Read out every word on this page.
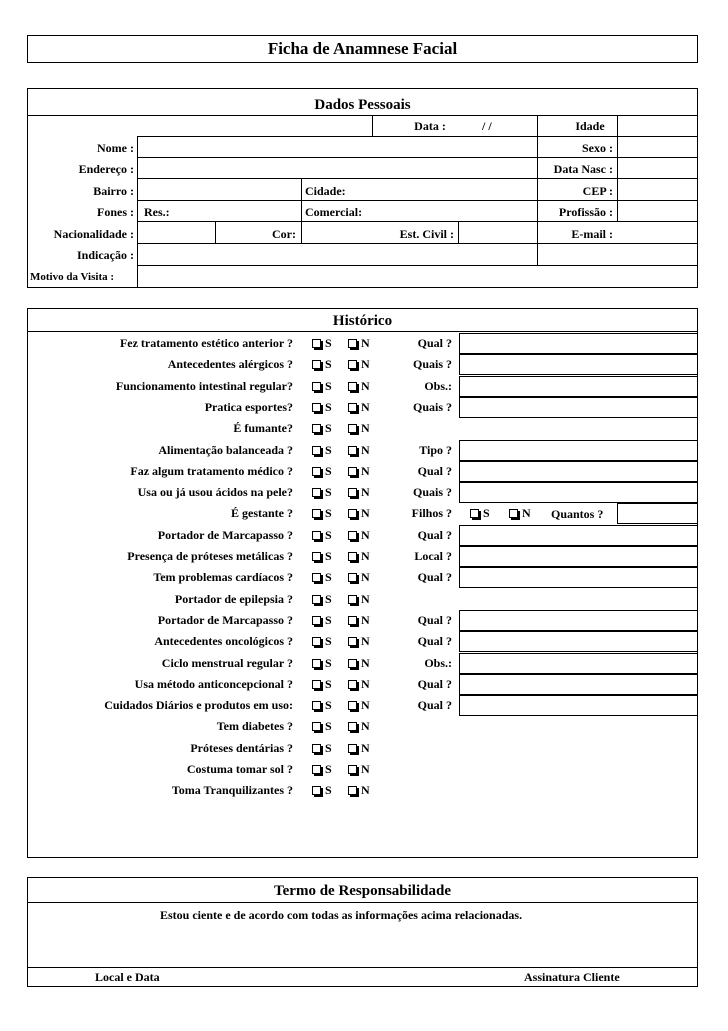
Ficha de Anamnese Facial
Dados Pessoais
Data :	/ /	Idade
Nome :	Sexo :
Endereço :	Data Nasc :
Bairro :	Cidade:	CEP :
Fones : Res.:	Comercial:	Profissão :
Nacionalidade :	Cor:	Est. Civil :	E-mail :
Indicação :
Motivo da Visita :
Histórico
Fez tratamento estético anterior ?	S	N	Qual ?
Antecedentes alérgicos ?	S	N	Quais ?
Funcionamento intestinal regular?	S	N	Obs.:
Pratica esportes?	S	N	Quais ?
É fumante?	S	N
Alimentação balanceada ?	S	N	Tipo ?
Faz algum tratamento médico ?	S	N	Qual ?
Usa ou já usou ácidos na pele?	S	N	Quais ?
É gestante ?	S	N	Filhos ?	S	N Quantos ?
Portador de Marcapasso ?	S	N	Qual ?
Presença de próteses metálicas ?	S	N	Local ?
Tem problemas cardíacos ?	S	N	Qual ?
Portador de epilepsia ?	S	N
Portador de Marcapasso ?	S	N	Qual ?
Antecedentes oncológicos ?	S	N	Qual ?
Ciclo menstrual regular ?	S	N	Obs.:
Usa método anticoncepcional ?	S	N	Qual ?
Cuidados Diários e produtos em uso:	S	N	Qual ?
Tem diabetes ?	S	N
Próteses dentárias ?	S	N
Costuma tomar sol ?	S	N
Toma Tranquilizantes ?	S	N
Termo de Responsabilidade
Estou ciente e de acordo com todas as informações acima relacionadas.
Local e Data	Assinatura Cliente
